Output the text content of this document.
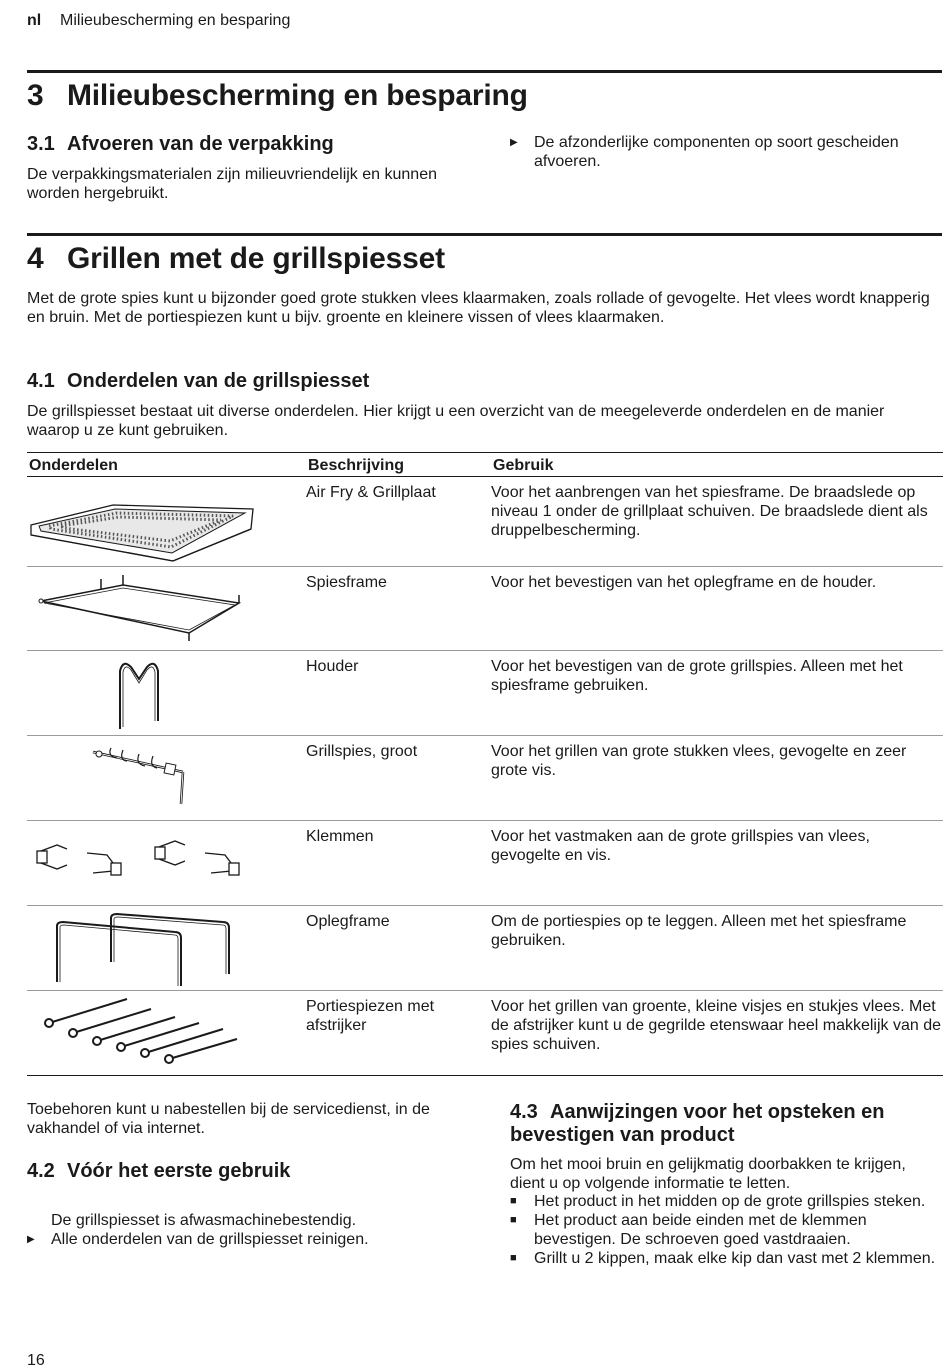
nl Milieubescherming en besparing
3 Milieubescherming en besparing
3.1 Afvoeren van de verpakking
De verpakkingsmaterialen zijn milieuvriendelijk en kunnen worden hergebruikt.
▶	De afzonderlijke componenten op soort gescheiden afvoeren.
4 Grillen met de grillspiesset
Met de grote spies kunt u bijzonder goed grote stukken vlees klaarmaken, zoals rollade of gevogelte. Het vlees wordt knapperig en bruin. Met de portiespiezen kunt u bijv. groente en kleinere vissen of vlees klaarmaken.
4.1 Onderdelen van de grillspiesset
De grillspiesset bestaat uit diverse onderdelen. Hier krijgt u een overzicht van de meegeleverde onderdelen en de manier waarop u ze kunt gebruiken.
Onderdelen	Beschrijving	Gebruik

	Air Fry & Grillplaat	Voor het aanbrengen van het spiesframe. De braadslede op niveau 1 onder de grillplaat schuiven. De braadslede dient als druppelbescherming.

	Spiesframe	Voor het bevestigen van het oplegframe en de houder.

	Houder	Voor het bevestigen van de grote grillspies. Alleen met het spiesframe gebruiken.

	Grillspies, groot	Voor het grillen van grote stukken vlees, gevogelte en zeer grote vis.

	Klemmen	Voor het vastmaken aan de grote grillspies van vlees, gevogelte en vis.

	Oplegframe	Om de portiespies op te leggen. Alleen met het spiesframe gebruiken.

	Portiespiezen met afstrijker	Voor het grillen van groente, kleine visjes en stukjes vlees. Met de afstrijker kunt u de gegrilde etenswaar heel makkelijk van de spies schuiven.
Toebehoren kunt u nabestellen bij de servicedienst, in de vakhandel of via internet.
4.2 Vóór het eerste gebruik
▶	Alle onderdelen van de grillspiesset reinigen.
De grillspiesset is afwasmachinebestendig.
4.3 Aanwijzingen voor het opsteken en bevestigen van product
Om het mooi bruin en gelijkmatig doorbakken te krijgen, dient u op volgende informatie te letten.
■	Het product in het midden op de grote grillspies steken.
■	Het product aan beide einden met de klemmen bevestigen. De schroeven goed vastdraaien.
■	Grillt u 2 kippen, maak elke kip dan vast met 2 klemmen.
16
